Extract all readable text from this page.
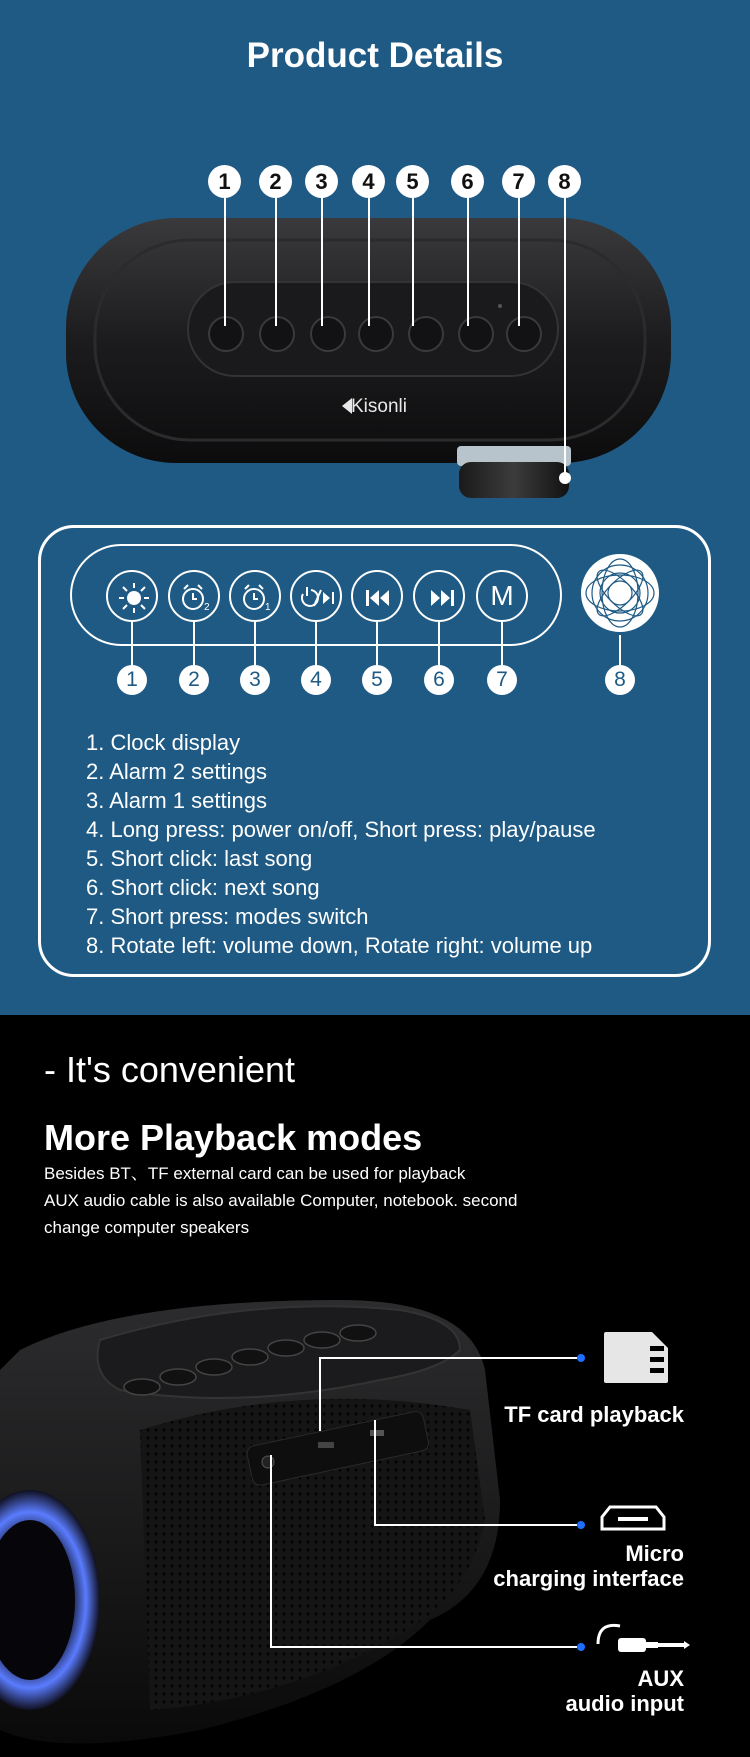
Product Details
Kisonli
1	2	3	4	5	6	7	8
2	1	M
1	2	3	4	5	6	7	8
1. Clock display
2. Alarm 2 settings
3. Alarm 1 settings
4. Long press: power on/off, Short press: play/pause
5. Short click: last song
6. Short click: next song
7. Short press: modes switch
8. Rotate left: volume down, Rotate right: volume up
- It's convenient
More Playback modes
Besides BT、TF external card can be used for playback
AUX audio cable is also available Computer, notebook. second
change computer speakers
TF card playback
Micro
charging interface
AUX
audio input
